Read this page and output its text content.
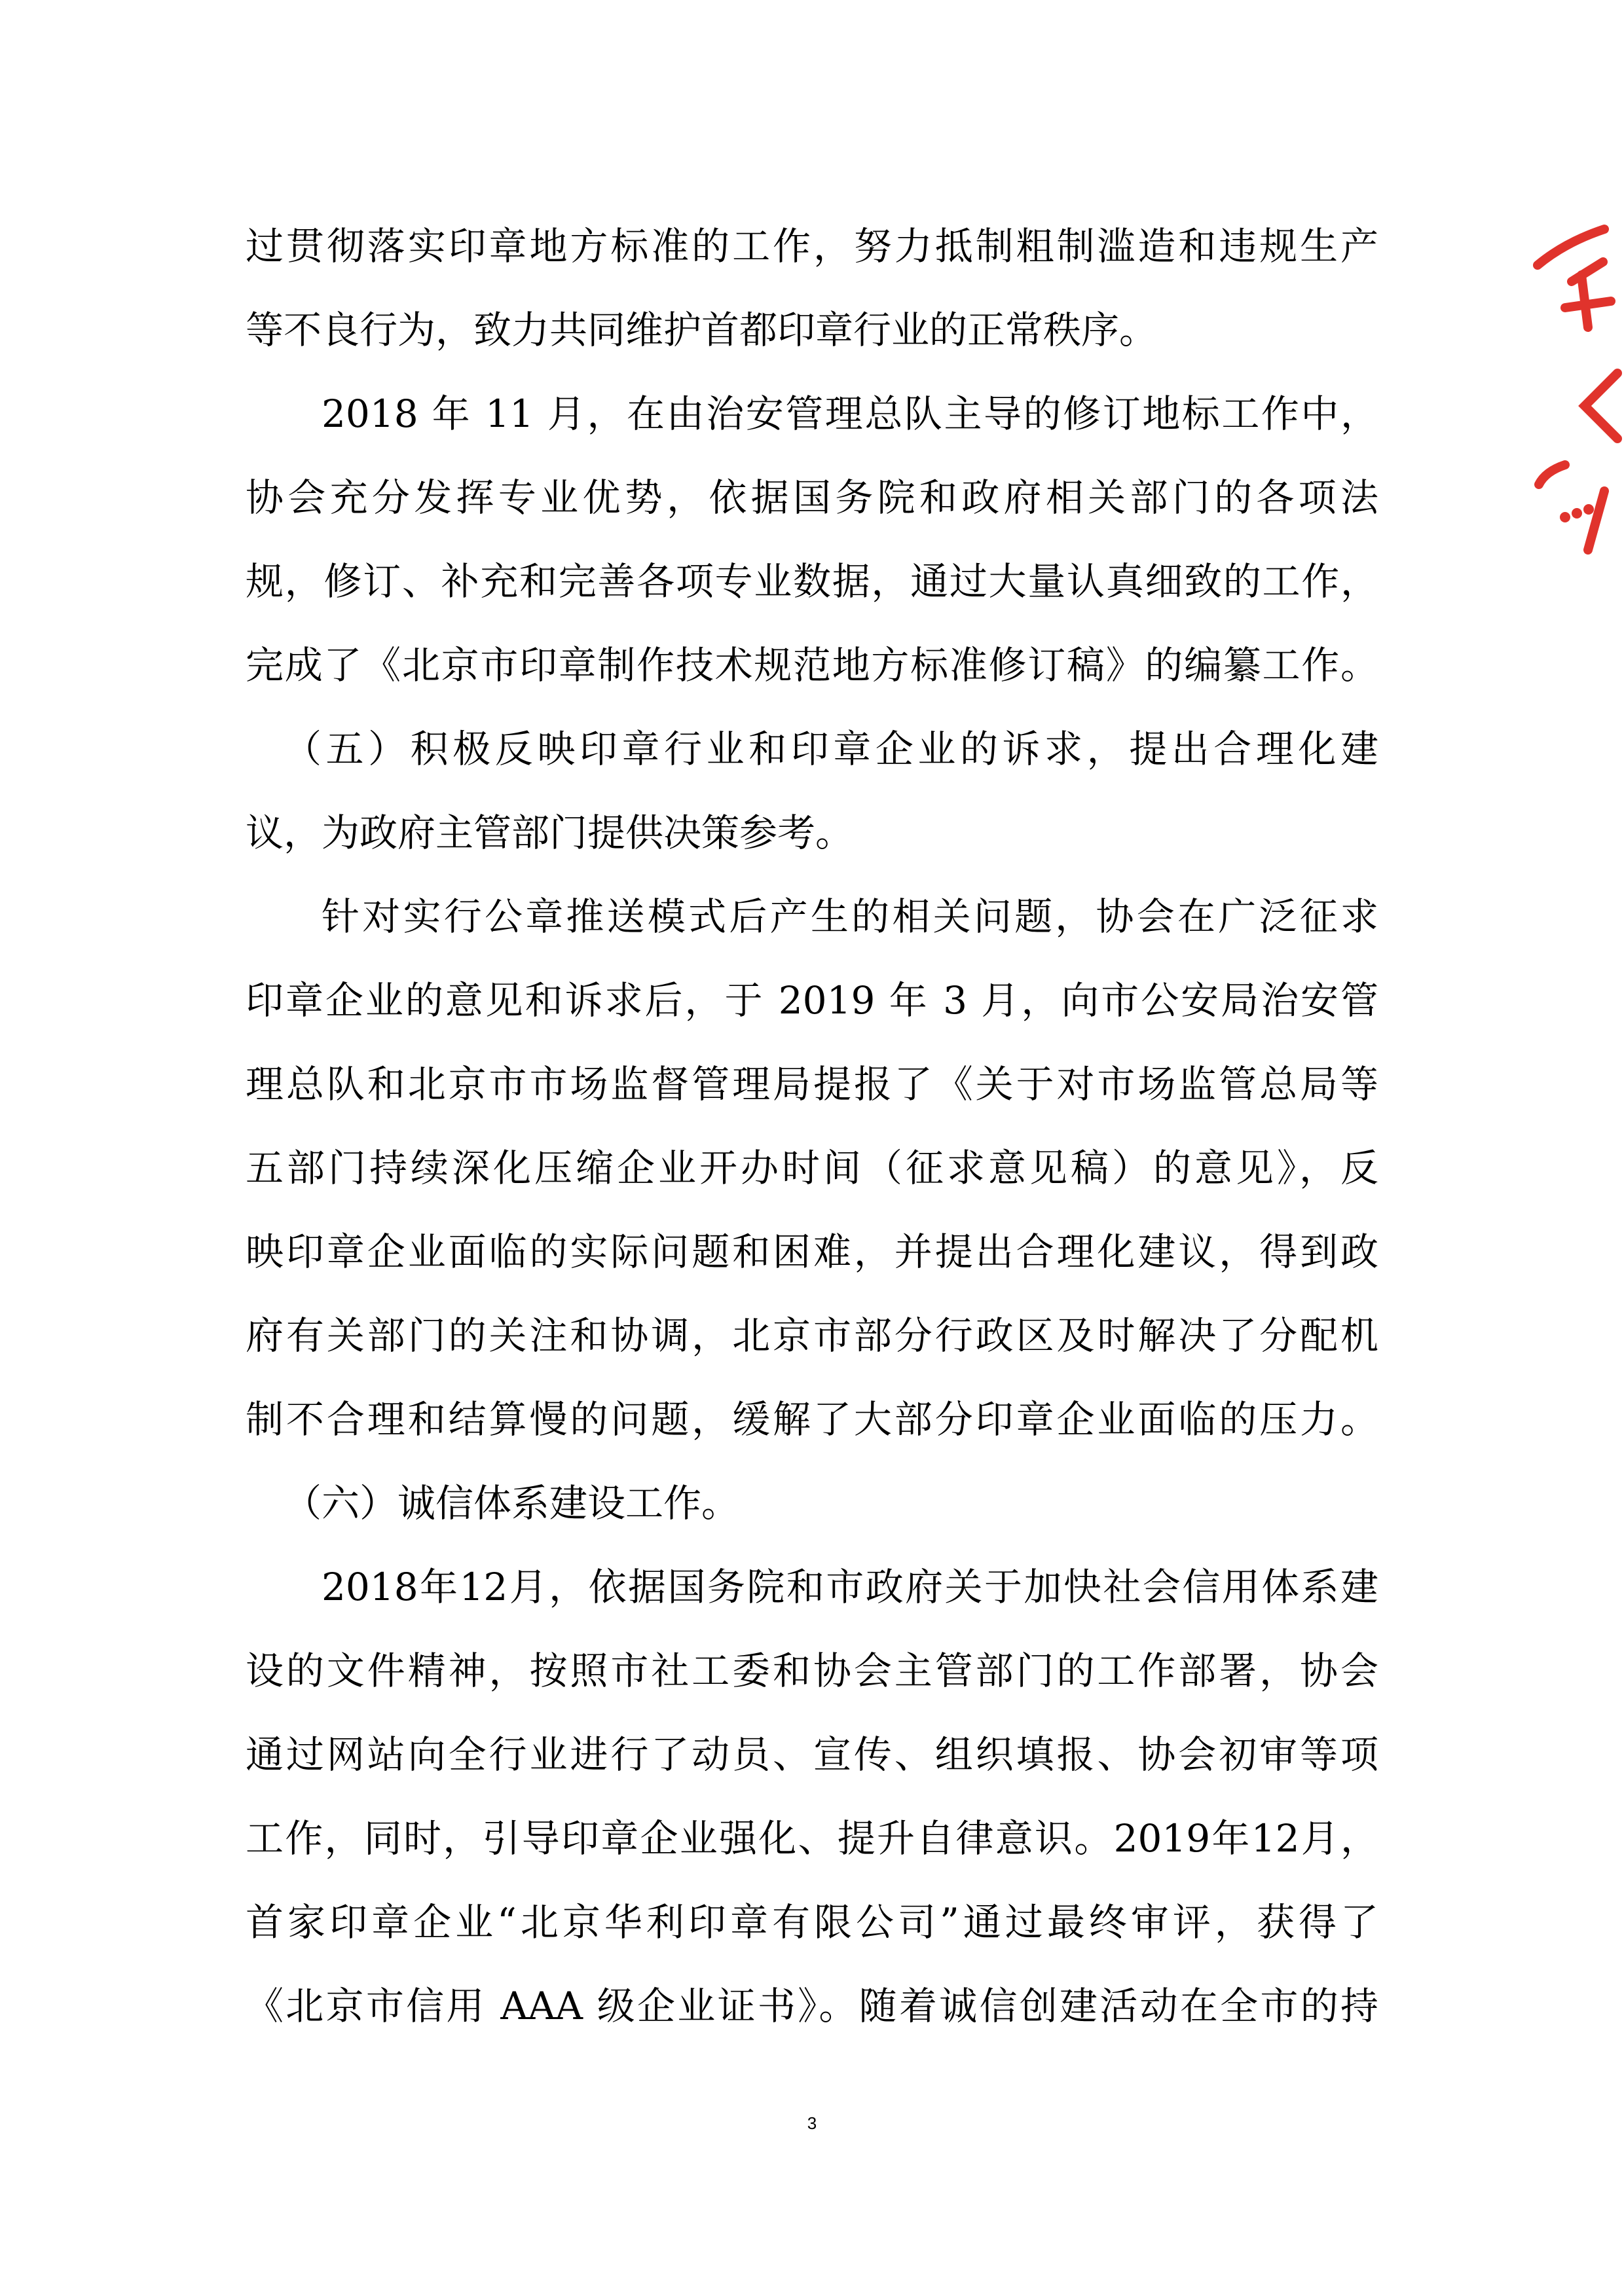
过贯彻落实印章地方标准的工作，努力抵制粗制滥造和违规生产
等不良行为，致力共同维护首都印章行业的正常秩序。
2018 年 11 月，在由治安管理总队主导的修订地标工作中，
协会充分发挥专业优势，依据国务院和政府相关部门的各项法
规，修订、补充和完善各项专业数据，通过大量认真细致的工作，
完成了《北京市印章制作技术规范地方标准修订稿》的编纂工作。
（五）积极反映印章行业和印章企业的诉求，提出合理化建
议，为政府主管部门提供决策参考。
针对实行公章推送模式后产生的相关问题，协会在广泛征求
印章企业的意见和诉求后，于 2019 年 3 月，向市公安局治安管
理总队和北京市市场监督管理局提报了《关于对市场监管总局等
五部门持续深化压缩企业开办时间（征求意见稿）的意见》，反
映印章企业面临的实际问题和困难，并提出合理化建议，得到政
府有关部门的关注和协调，北京市部分行政区及时解决了分配机
制不合理和结算慢的问题，缓解了大部分印章企业面临的压力。
（六）诚信体系建设工作。
2018年12月，依据国务院和市政府关于加快社会信用体系建
设的文件精神，按照市社工委和协会主管部门的工作部署，协会
通过网站向全行业进行了动员、宣传、组织填报、协会初审等项
工作，同时，引导印章企业强化、提升自律意识。2019年12月，
首家印章企业“北京华利印章有限公司”通过最终审评，获得了
《北京市信用 AAA 级企业证书》。随着诚信创建活动在全市的持
3
